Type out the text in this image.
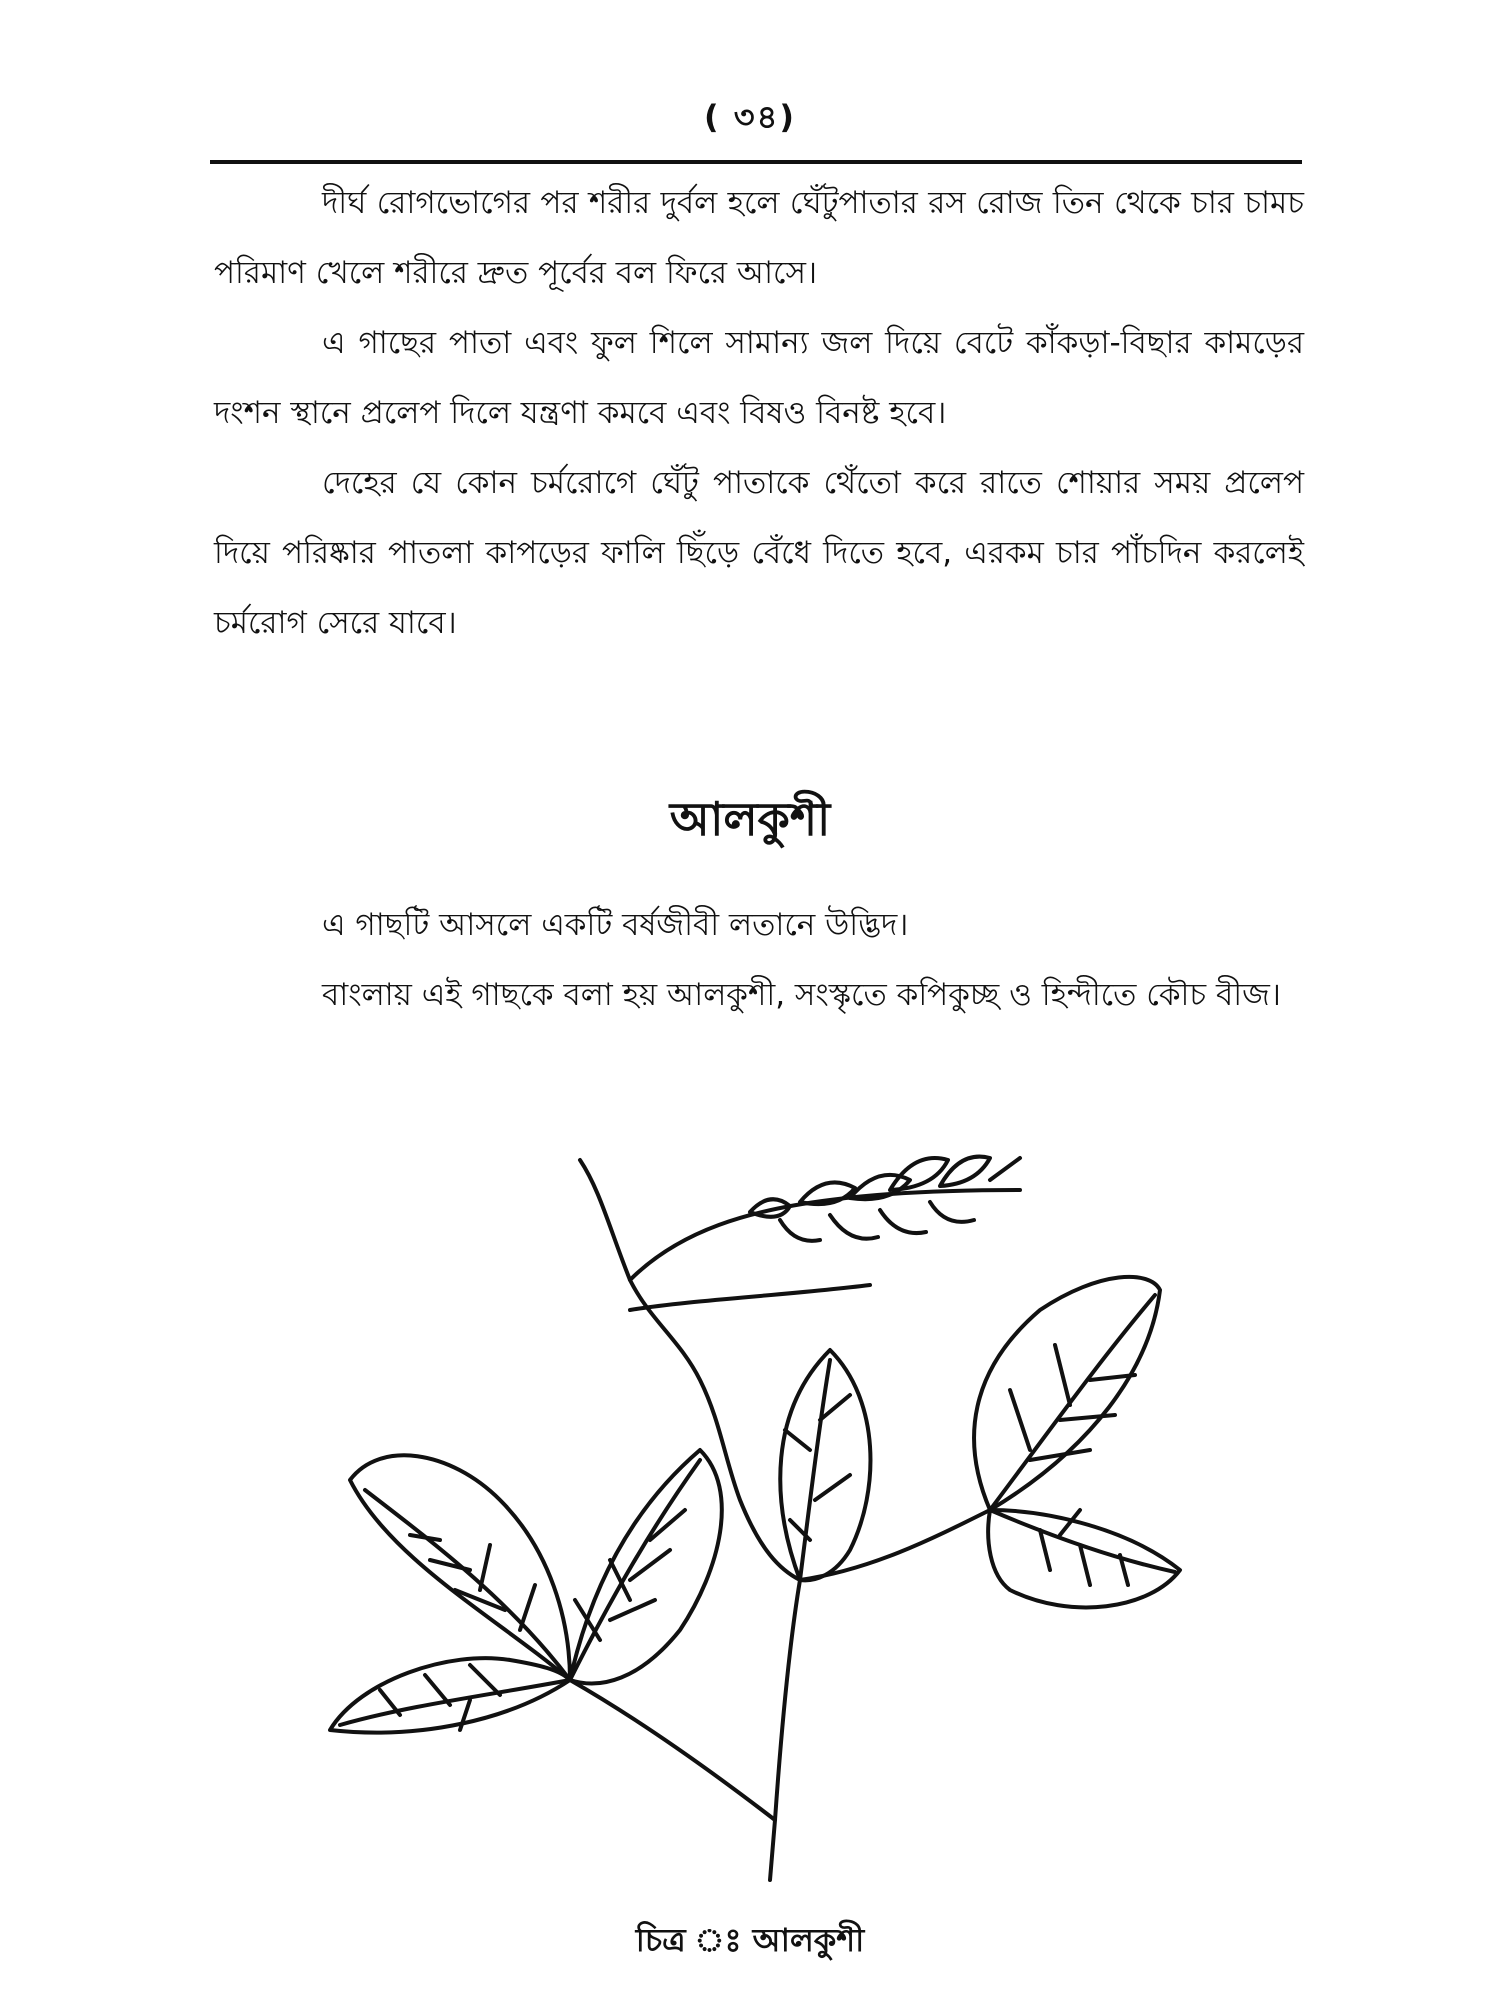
( ৩৪)

দীর্ঘ রোগভোগের পর শরীর দুর্বল হলে ঘেঁটুপাতার রস রোজ তিন থেকে চার চামচ পরিমাণ খেলে শরীরে দ্রুত পূর্বের বল ফিরে আসে।

এ গাছের পাতা এবং ফুল শিলে সামান্য জল দিয়ে বেটে কাঁকড়া-বিছার কামড়ের দংশন স্থানে প্রলেপ দিলে যন্ত্রণা কমবে এবং বিষও বিনষ্ট হবে।

দেহের যে কোন চর্মরোগে ঘেঁটু পাতাকে থেঁতো করে রাতে শোয়ার সময় প্রলেপ দিয়ে পরিষ্কার পাতলা কাপড়ের ফালি ছিঁড়ে বেঁধে দিতে হবে, এরকম চার পাঁচদিন করলেই চর্মরোগ সেরে যাবে।

আলকুশী

এ গাছটি আসলে একটি বর্ষজীবী লতানে উদ্ভিদ।

বাংলায় এই গাছকে বলা হয় আলকুশী, সংস্কৃতে কপিকুচ্ছ ও হিন্দীতে কৌচ বীজ।

চিত্র ঃ আলকুশী
